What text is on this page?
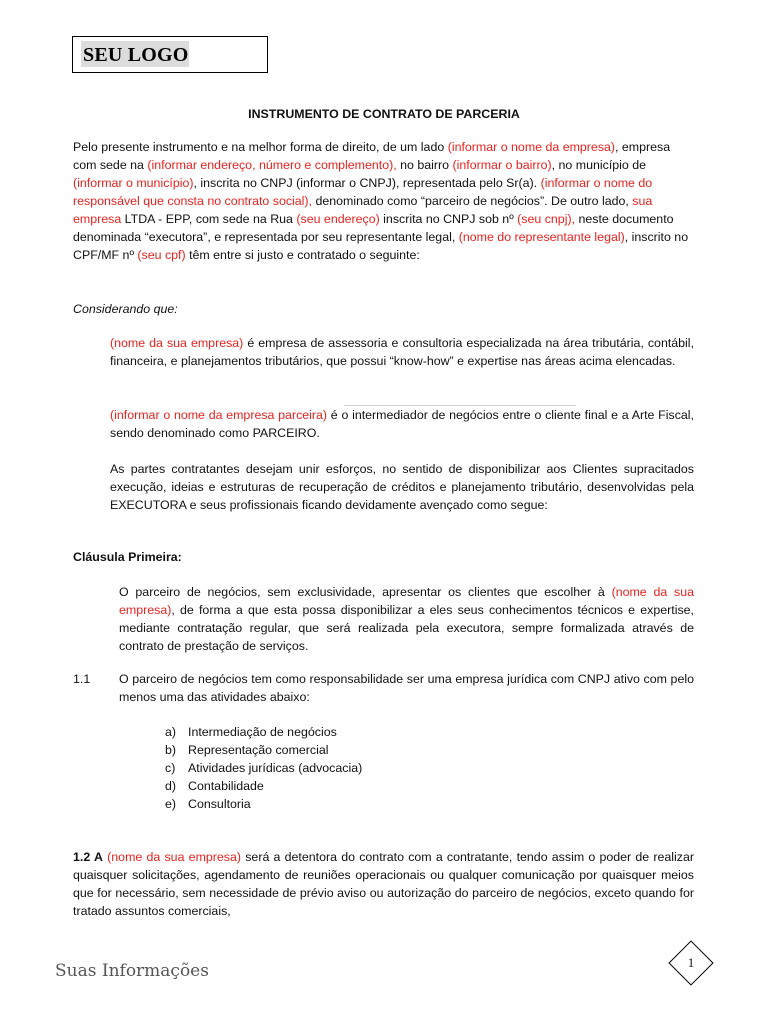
SEU LOGO
INSTRUMENTO DE CONTRATO DE PARCERIA
Pelo presente instrumento e na melhor forma de direito, de um lado (informar o nome da empresa), empresa com sede na (informar endereço, número e complemento), no bairro (informar o bairro), no município de (informar o município), inscrita no CNPJ (informar o CNPJ), representada pelo Sr(a). (informar o nome do responsável que consta no contrato social), denominado como “parceiro de negócios”. De outro lado, sua empresa LTDA - EPP, com sede na Rua (seu endereço) inscrita no CNPJ sob nº (seu cnpj), neste documento denominada “executora”, e representada por seu representante legal, (nome do representante legal), inscrito no CPF/MF nº (seu cpf) têm entre si justo e contratado o seguinte:
Considerando que:
(nome da sua empresa) é empresa de assessoria e consultoria especializada na área tributária, contábil, financeira, e planejamentos tributários, que possui “know-how” e expertise nas áreas acima elencadas.
(informar o nome da empresa parceira) é o intermediador de negócios entre o cliente final e a Arte Fiscal, sendo denominado como PARCEIRO.
As partes contratantes desejam unir esforços, no sentido de disponibilizar aos Clientes supracitados execução, ideias e estruturas de recuperação de créditos e planejamento tributário, desenvolvidas pela EXECUTORA e seus profissionais ficando devidamente avençado como segue:
Cláusula Primeira:
O parceiro de negócios, sem exclusividade, apresentar os clientes que escolher à (nome da sua empresa), de forma a que esta possa disponibilizar a eles seus conhecimentos técnicos e expertise, mediante contratação regular, que será realizada pela executora, sempre formalizada através de contrato de prestação de serviços.
1.1 O parceiro de negócios tem como responsabilidade ser uma empresa jurídica com CNPJ ativo com pelo menos uma das atividades abaixo:
a) Intermediação de negócios
b) Representação comercial
c) Atividades jurídicas (advocacia)
d) Contabilidade
e) Consultoria
1.2 A (nome da sua empresa) será a detentora do contrato com a contratante, tendo assim o poder de realizar quaisquer solicitações, agendamento de reuniões operacionais ou qualquer comunicação por quaisquer meios que for necessário, sem necessidade de prévio aviso ou autorização do parceiro de negócios, exceto quando for tratado assuntos comerciais,
Suas Informações	1
